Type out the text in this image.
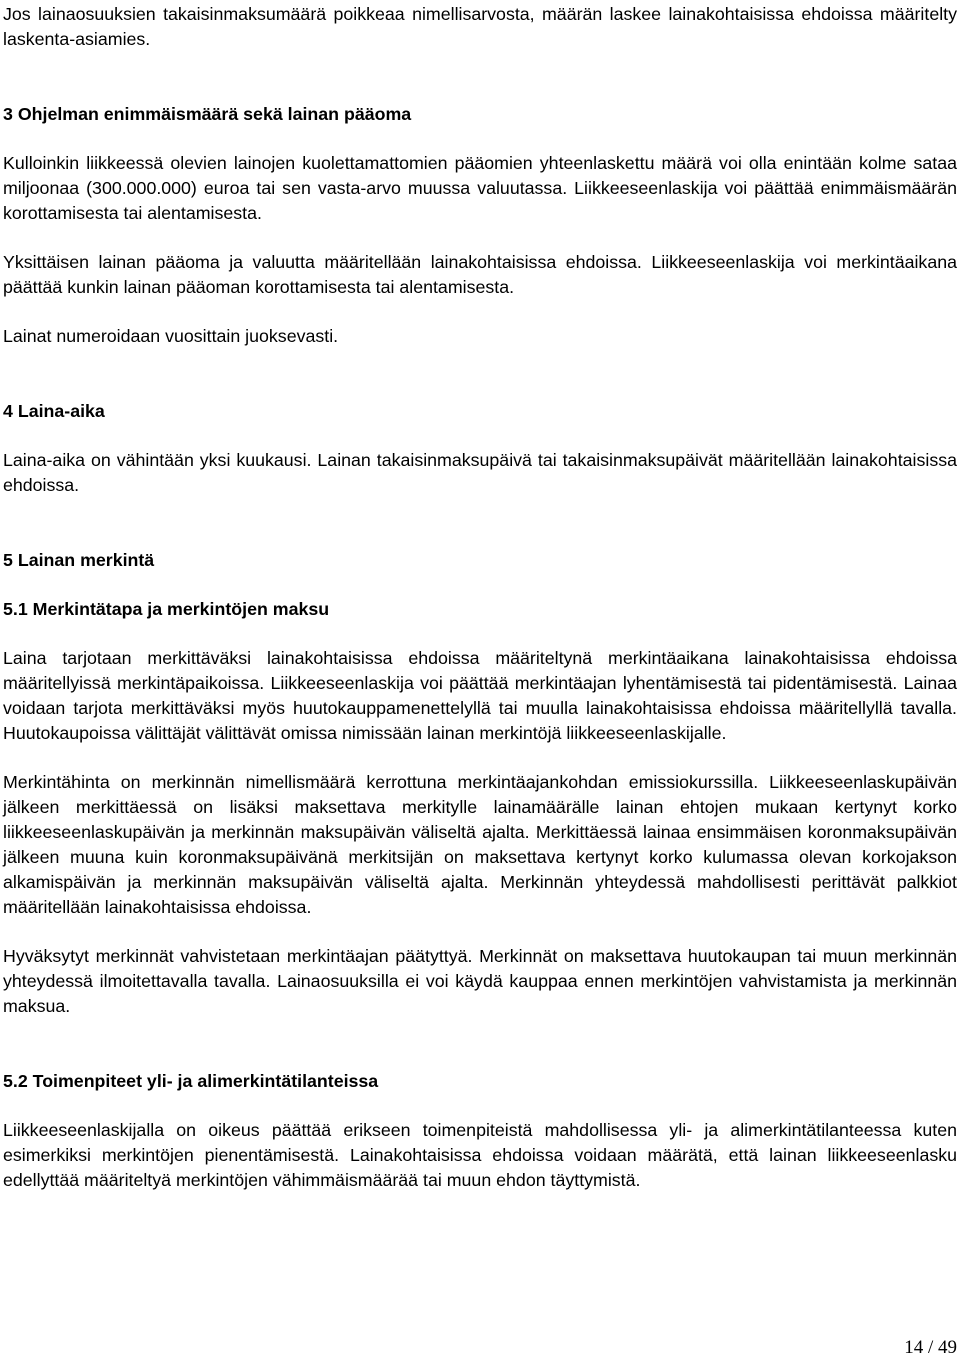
Jos lainaosuuksien takaisinmaksumäärä poikkeaa nimellisarvosta, määrän laskee lainakohtaisissa ehdoissa määritelty laskenta-asiamies.

3 Ohjelman enimmäismäärä sekä lainan pääoma

Kulloinkin liikkeessä olevien lainojen kuolettamattomien pääomien yhteenlaskettu määrä voi olla enintään kolme sataa miljoonaa (300.000.000) euroa tai sen vasta-arvo muussa valuutassa. Liikkeeseenlaskija voi päättää enimmäismäärän korottamisesta tai alentamisesta.

Yksittäisen lainan pääoma ja valuutta määritellään lainakohtaisissa ehdoissa. Liikkeeseenlaskija voi merkintäaikana päättää kunkin lainan pääoman korottamisesta tai alentamisesta.

Lainat numeroidaan vuosittain juoksevasti.

4 Laina-aika

Laina-aika on vähintään yksi kuukausi. Lainan takaisinmaksupäivä tai takaisinmaksupäivät määritellään lainakohtaisissa ehdoissa.

5 Lainan merkintä
5.1 Merkintätapa ja merkintöjen maksu

Laina tarjotaan merkittäväksi lainakohtaisissa ehdoissa määriteltynä merkintäaikana lainakohtaisissa ehdoissa määritellyissä merkintäpaikoissa. Liikkeeseenlaskija voi päättää merkintäajan lyhentämisestä tai pidentämisestä. Lainaa voidaan tarjota merkittäväksi myös huutokauppamenettelyllä tai muulla lainakohtaisissa ehdoissa määritellyllä tavalla. Huutokaupoissa välittäjät välittävät omissa nimissään lainan merkintöjä liikkeeseenlaskijalle.

Merkintähinta on merkinnän nimellismäärä kerrottuna merkintäajankohdan emissiokurssilla. Liikkeeseenlaskupäivän jälkeen merkittäessä on lisäksi maksettava merkitylle lainamäärälle lainan ehtojen mukaan kertynyt korko liikkeeseenlaskupäivän ja merkinnän maksupäivän väliseltä ajalta. Merkittäessä lainaa ensimmäisen koronmaksupäivän jälkeen muuna kuin koronmaksupäivänä merkitsijän on maksettava kertynyt korko kulumassa olevan korkojakson alkamispäivän ja merkinnän maksupäivän väliseltä ajalta. Merkinnän yhteydessä mahdollisesti perittävät palkkiot määritellään lainakohtaisissa ehdoissa.

Hyväksytyt merkinnät vahvistetaan merkintäajan päätyttyä. Merkinnät on maksettava huutokaupan tai muun merkinnän yhteydessä ilmoitettavalla tavalla. Lainaosuuksilla ei voi käydä kauppaa ennen merkintöjen vahvistamista ja merkinnän maksua.

5.2 Toimenpiteet yli- ja alimerkintätilanteissa

Liikkeeseenlaskijalla on oikeus päättää erikseen toimenpiteistä mahdollisessa yli- ja alimerkintätilanteessa kuten esimerkiksi merkintöjen pienentämisestä. Lainakohtaisissa ehdoissa voidaan määrätä, että lainan liikkeeseenlasku edellyttää määriteltyä merkintöjen vähimmäismäärää tai muun ehdon täyttymistä.

14 / 49
